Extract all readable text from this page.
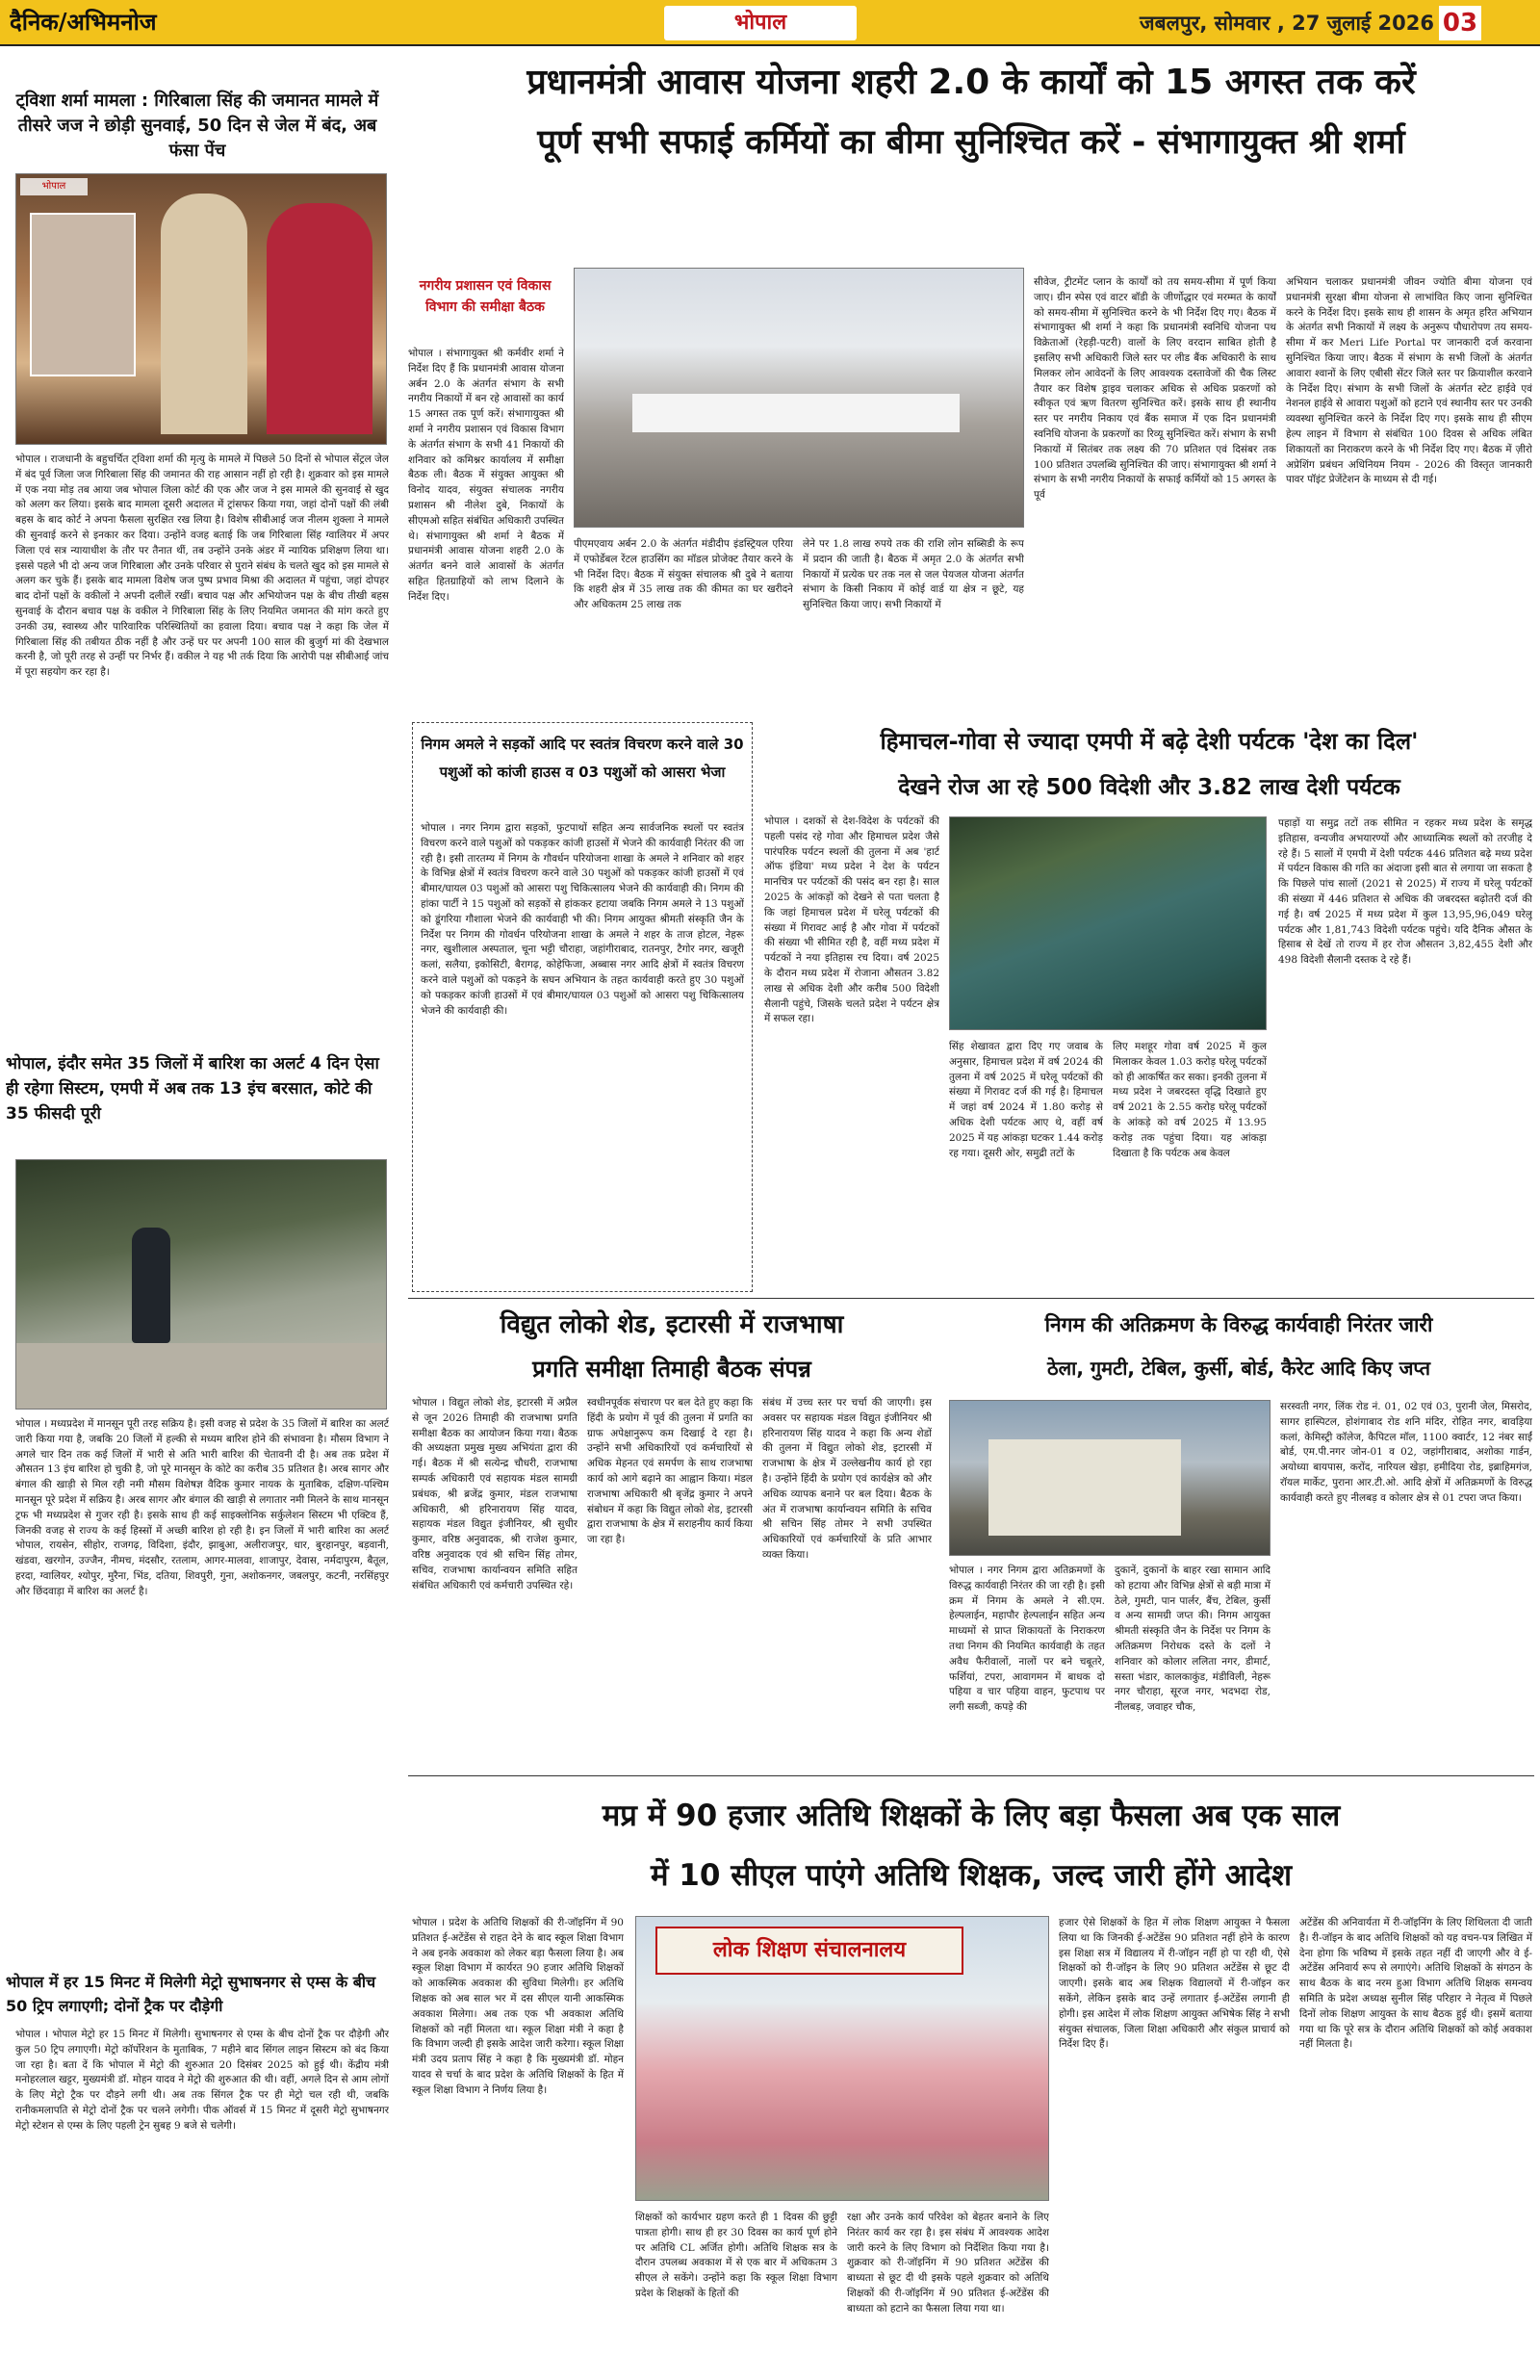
दैनिक/अभिमनोज	भोपाल	जबलपुर, सोमवार , 27 जुलाई 2026 03
ट्विशा शर्मा मामला : गिरिबाला सिंह की जमानत मामले में तीसरे जज ने छोड़ी सुनवाई, 50 दिन से जेल में बंद, अब फंसा पेंच
भोपाल
भोपाल । राजधानी के बहुचर्चित ट्विशा शर्मा की मृत्यु के मामले में पिछले 50 दिनों से भोपाल सेंट्रल जेल में बंद पूर्व जिला जज गिरिबाला सिंह की जमानत की राह आसान नहीं हो रही है। शुक्रवार को इस मामले में एक नया मोड़ तब आया जब भोपाल जिला कोर्ट की एक और जज ने इस मामले की सुनवाई से खुद को अलग कर लिया। इसके बाद मामला दूसरी अदालत में ट्रांसफर किया गया, जहां दोनों पक्षों की लंबी बहस के बाद कोर्ट ने अपना फैसला सुरक्षित रख लिया है। विशेष सीबीआई जज नीलम शुक्ला ने मामले की सुनवाई करने से इनकार कर दिया। उन्होंने वजह बताई कि जब गिरिबाला सिंह ग्वालियर में अपर जिला एवं सत्र न्यायाधीश के तौर पर तैनात थीं, तब उन्होंने उनके अंडर में न्यायिक प्रशिक्षण लिया था। इससे पहले भी दो अन्य जज गिरिबाला और उनके परिवार से पुराने संबंध के चलते खुद को इस मामले से अलग कर चुके हैं। इसके बाद मामला विशेष जज पुष्प प्रभाव मिश्रा की अदालत में पहुंचा, जहां दोपहर बाद दोनों पक्षों के वकीलों ने अपनी दलीलें रखीं। बचाव पक्ष और अभियोजन पक्ष के बीच तीखी बहस सुनवाई के दौरान बचाव पक्ष के वकील ने गिरिबाला सिंह के लिए नियमित जमानत की मांग करते हुए उनकी उम्र, स्वास्थ्य और पारिवारिक परिस्थितियों का हवाला दिया। बचाव पक्ष ने कहा कि जेल में गिरिबाला सिंह की तबीयत ठीक नहीं है और उन्हें घर पर अपनी 100 साल की बुजुर्ग मां की देखभाल करनी है, जो पूरी तरह से उन्हीं पर निर्भर हैं। वकील ने यह भी तर्क दिया कि आरोपी पक्ष सीबीआई जांच में पूरा सहयोग कर रहा है।
भोपाल, इंदौर समेत 35 जिलों में बारिश का अलर्ट 4 दिन ऐसा ही रहेगा सिस्टम, एमपी में अब तक 13 इंच बरसात, कोटे की 35 फीसदी पूरी
भोपाल । मध्यप्रदेश में मानसून पूरी तरह सक्रिय है। इसी वजह से प्रदेश के 35 जिलों में बारिश का अलर्ट जारी किया गया है, जबकि 20 जिलों में हल्की से मध्यम बारिश होने की संभावना है। मौसम विभाग ने अगले चार दिन तक कई जिलों में भारी से अति भारी बारिश की चेतावनी दी है। अब तक प्रदेश में औसतन 13 इंच बारिश हो चुकी है, जो पूरे मानसून के कोटे का करीब 35 प्रतिशत है। अरब सागर और बंगाल की खाड़ी से मिल रही नमी मौसम विशेषज्ञ वैदिक कुमार नायक के मुताबिक, दक्षिण-पश्चिम मानसून पूरे प्रदेश में सक्रिय है। अरब सागर और बंगाल की खाड़ी से लगातार नमी मिलने के साथ मानसून ट्रफ भी मध्यप्रदेश से गुजर रही है। इसके साथ ही कई साइक्लोनिक सर्कुलेशन सिस्टम भी एक्टिव हैं, जिनकी वजह से राज्य के कई हिस्सों में अच्छी बारिश हो रही है। इन जिलों में भारी बारिश का अलर्ट भोपाल, रायसेन, सीहोर, राजगढ़, विदिशा, इंदौर, झाबुआ, अलीराजपुर, धार, बुरहानपुर, बड़वानी, खंडवा, खरगोन, उज्जैन, नीमच, मंदसौर, रतलाम, आगर-मालवा, शाजापुर, देवास, नर्मदापुरम, बैतूल, हरदा, ग्वालियर, श्योपुर, मुरैना, भिंड, दतिया, शिवपुरी, गुना, अशोकनगर, जबलपुर, कटनी, नरसिंहपुर और छिंदवाड़ा में बारिश का अलर्ट है।
भोपाल में हर 15 मिनट में मिलेगी मेट्रो सुभाषनगर से एम्स के बीच 50 ट्रिप लगाएगी; दोनों ट्रैक पर दौड़ेगी
भोपाल । भोपाल मेट्रो हर 15 मिनट में मिलेगी। सुभाषनगर से एम्स के बीच दोनों ट्रैक पर दौड़ेगी और कुल 50 ट्रिप लगाएगी। मेट्रो कॉर्पोरेशन के मुताबिक, 7 महीने बाद सिंगल लाइन सिस्टम को बंद किया जा रहा है। बता दें कि भोपाल में मेट्रो की शुरुआत 20 दिसंबर 2025 को हुई थी। केंद्रीय मंत्री मनोहरलाल खट्टर, मुख्यमंत्री डॉ. मोहन यादव ने मेट्रो की शुरुआत की थी। वहीं, अगले दिन से आम लोगों के लिए मेट्रो ट्रैक पर दौड़ने लगी थी। अब तक सिंगल ट्रैक पर ही मेट्रो चल रही थी, जबकि रानीकमलापति से मेट्रो दोनों ट्रैक पर चलने लगेगी। पीक ऑवर्स में 15 मिनट में दूसरी मेट्रो सुभाषनगर मेट्रो स्टेशन से एम्स के लिए पहली ट्रेन सुबह 9 बजे से चलेगी।
प्रधानमंत्री आवास योजना शहरी 2.0 के कार्यों को 15 अगस्त तक करें
पूर्ण सभी सफाई कर्मियों का बीमा सुनिश्चित करें - संभागायुक्त श्री शर्मा
नगरीय प्रशासन एवं विकास विभाग की समीक्षा बैठक
भोपाल । संभागायुक्त श्री कर्मवीर शर्मा ने निर्देश दिए हैं कि प्रधानमंत्री आवास योजना अर्बन 2.0 के अंतर्गत संभाग के सभी नगरीय निकायों में बन रहे आवासों का कार्य 15 अगस्त तक पूर्ण करें। संभागायुक्त श्री शर्मा ने नगरीय प्रशासन एवं विकास विभाग के अंतर्गत संभाग के सभी 41 निकायों की शनिवार को कमिश्नर कार्यालय में समीक्षा बैठक ली। बैठक में संयुक्त आयुक्त श्री विनोद यादव, संयुक्त संचालक नगरीय प्रशासन श्री नीलेश दुबे, निकायों के सीएमओ सहित संबंधित अधिकारी उपस्थित थे। संभागायुक्त श्री शर्मा ने बैठक में प्रधानमंत्री आवास योजना शहरी 2.0 के अंतर्गत बनने वाले आवासों के अंतर्गत सहित हितग्राहियों को लाभ दिलाने के निर्देश दिए।
पीएमएवाय अर्बन 2.0 के अंतर्गत मंडीदीप इंडस्ट्रियल एरिया में एफोर्डेबल रेंटल हाउसिंग का मॉडल प्रोजेक्ट तैयार करने के भी निर्देश दिए। बैठक में संयुक्त संचालक श्री दुबे ने बताया कि शहरी क्षेत्र में 35 लाख तक की कीमत का घर खरीदने और अधिकतम 25 लाख तक
लेने पर 1.8 लाख रुपये तक की राशि लोन सब्सिडी के रूप में प्रदान की जाती है। बैठक में अमृत 2.0 के अंतर्गत सभी निकायों में प्रत्येक घर तक नल से जल पेयजल योजना अंतर्गत संभाग के किसी निकाय में कोई वार्ड या क्षेत्र न छूटे, यह सुनिश्चित किया जाए। सभी निकायों में
सीवेज, ट्रीटमेंट प्लान के कार्यों को तय समय-सीमा में पूर्ण किया जाए। ग्रीन स्पेस एवं वाटर बॉडी के जीर्णोद्धार एवं मरम्मत के कार्यों को समय-सीमा में सुनिश्चित करने के भी निर्देश दिए गए। बैठक में संभागायुक्त श्री शर्मा ने कहा कि प्रधानमंत्री स्वनिधि योजना पथ विक्रेताओं (रेहड़ी-पटरी) वालों के लिए वरदान साबित होती है इसलिए सभी अधिकारी जिले स्तर पर लीड बैंक अधिकारी के साथ मिलकर लोन आवेदनों के लिए आवश्यक दस्तावेजों की चैक लिस्ट तैयार कर विशेष ड्राइव चलाकर अधिक से अधिक प्रकरणों को स्वीकृत एवं ऋण वितरण सुनिश्चित करें। इसके साथ ही स्थानीय स्तर पर नगरीय निकाय एवं बैंक समाज में एक दिन प्रधानमंत्री स्वनिधि योजना के प्रकरणों का रिव्यू सुनिश्चित करें। संभाग के सभी निकायों में सितंबर तक लक्ष्य की 70 प्रतिशत एवं दिसंबर तक 100 प्रतिशत उपलब्धि सुनिश्चित की जाए। संभागायुक्त श्री शर्मा ने संभाग के सभी नगरीय निकायों के सफाई कर्मियों को 15 अगस्त के पूर्व
अभियान चलाकर प्रधानमंत्री जीवन ज्योति बीमा योजना एवं प्रधानमंत्री सुरक्षा बीमा योजना से लाभांवित किए जाना सुनिश्चित करने के निर्देश दिए। इसके साथ ही शासन के अमृत हरित अभियान के अंतर्गत सभी निकायों में लक्ष्य के अनुरूप पौधारोपण तय समय-सीमा में कर Meri Life Portal पर जानकारी दर्ज करवाना सुनिश्चित किया जाए। बैठक में संभाग के सभी जिलों के अंतर्गत आवारा श्वानों के लिए एबीसी सेंटर जिले स्तर पर क्रियाशील करवाने के निर्देश दिए। संभाग के सभी जिलों के अंतर्गत स्टेट हाईवे एवं नेशनल हाईवे से आवारा पशुओं को हटाने एवं स्थानीय स्तर पर उनकी व्यवस्था सुनिश्चित करने के निर्देश दिए गए। इसके साथ ही सीएम हेल्प लाइन में विभाग से संबंधित 100 दिवस से अधिक लंबित शिकायतों का निराकरण करने के भी निर्देश दिए गए। बैठक में ज़ीरो अप्रेशिंग प्रबंधन अधिनियम नियम - 2026 की विस्तृत जानकारी पावर पॉइंट प्रेजेंटेशन के माध्यम से दी गई।
निगम अमले ने सड़कों आदि पर स्वतंत्र विचरण करने वाले 30 पशुओं को कांजी हाउस व 03 पशुओं को आसरा भेजा
भोपाल । नगर निगम द्वारा सड़कों, फुटपाथों सहित अन्य सार्वजनिक स्थलों पर स्वतंत्र विचरण करने वाले पशुओं को पकड़कर कांजी हाउसों में भेजने की कार्यवाही निरंतर की जा रही है। इसी तारतम्य में निगम के गौवर्धन परियोजना शाखा के अमले ने शनिवार को शहर के विभिन्न क्षेत्रों में स्वतंत्र विचरण करने वाले 30 पशुओं को पकड़कर कांजी हाउसों में एवं बीमार/घायल 03 पशुओं को आसरा पशु चिकित्सालय भेजने की कार्यवाही की। निगम की हांका पार्टी ने 15 पशुओं को सड़कों से हांककर हटाया जबकि निगम अमले ने 13 पशुओं को डूंगरिया गौशाला भेजने की कार्यवाही भी की। निगम आयुक्त श्रीमती संस्कृति जैन के निर्देश पर निगम की गोवर्धन परियोजना शाखा के अमले ने शहर के ताज होटल, नेहरू नगर, खुशीलाल अस्पताल, चूना भट्टी चौराहा, जहांगीराबाद, रातनपुर, टैगोर नगर, खजूरी कलां, सलैया, इकोसिटी, बैरागढ़, कोहेफिजा, अब्बास नगर आदि क्षेत्रों में स्वतंत्र विचरण करने वाले पशुओं को पकड़ने के सघन अभियान के तहत कार्यवाही करते हुए 30 पशुओं को पकड़कर कांजी हाउसों में एवं बीमार/घायल 03 पशुओं को आसरा पशु चिकित्सालय भेजने की कार्यवाही की।
हिमाचल-गोवा से ज्यादा एमपी में बढ़े देशी पर्यटक 'देश का दिल'
देखने रोज आ रहे 500 विदेशी और 3.82 लाख देशी पर्यटक
भोपाल । दशकों से देश-विदेश के पर्यटकों की पहली पसंद रहे गोवा और हिमाचल प्रदेश जैसे पारंपरिक पर्यटन स्थलों की तुलना में अब 'हार्ट ऑफ इंडिया' मध्य प्रदेश ने देश के पर्यटन मानचित्र पर पर्यटकों की पसंद बन रहा है। साल 2025 के आंकड़ों को देखने से पता चलता है कि जहां हिमाचल प्रदेश में घरेलू पर्यटकों की संख्या में गिरावट आई है और गोवा में पर्यटकों की संख्या भी सीमित रही है, वहीं मध्य प्रदेश में पर्यटकों ने नया इतिहास रच दिया। वर्ष 2025 के दौरान मध्य प्रदेश में रोजाना औसतन 3.82 लाख से अधिक देशी और करीब 500 विदेशी सैलानी पहुंचे, जिसके चलते प्रदेश ने पर्यटन क्षेत्र में सफल रहा।
सिंह शेखावत द्वारा दिए गए जवाब के अनुसार, हिमाचल प्रदेश में वर्ष 2024 की तुलना में वर्ष 2025 में घरेलू पर्यटकों की संख्या में गिरावट दर्ज की गई है। हिमाचल में जहां वर्ष 2024 में 1.80 करोड़ से अधिक देशी पर्यटक आए थे, वहीं वर्ष 2025 में यह आंकड़ा घटकर 1.44 करोड़ रह गया। दूसरी ओर, समुद्री तटों के
लिए मशहूर गोवा वर्ष 2025 में कुल मिलाकर केवल 1.03 करोड़ घरेलू पर्यटकों को ही आकर्षित कर सका। इनकी तुलना में मध्य प्रदेश ने जबरदस्त वृद्धि दिखाते हुए वर्ष 2021 के 2.55 करोड़ घरेलू पर्यटकों के आंकड़े को वर्ष 2025 में 13.95 करोड़ तक पहुंचा दिया। यह आंकड़ा दिखाता है कि पर्यटक अब केवल
पहाड़ों या समुद्र तटों तक सीमित न रहकर मध्य प्रदेश के समृद्ध इतिहास, वन्यजीव अभयारण्यों और आध्यात्मिक स्थलों को तरजीह दे रहे हैं। 5 सालों में एमपी में देशी पर्यटक 446 प्रतिशत बढ़े मध्य प्रदेश में पर्यटन विकास की गति का अंदाजा इसी बात से लगाया जा सकता है कि पिछले पांच सालों (2021 से 2025) में राज्य में घरेलू पर्यटकों की संख्या में 446 प्रतिशत से अधिक की जबरदस्त बढ़ोतरी दर्ज की गई है। वर्ष 2025 में मध्य प्रदेश में कुल 13,95,96,049 घरेलू पर्यटक और 1,81,743 विदेशी पर्यटक पहुंचे। यदि दैनिक औसत के हिसाब से देखें तो राज्य में हर रोज औसतन 3,82,455 देशी और 498 विदेशी सैलानी दस्तक दे रहे हैं।
विद्युत लोको शेड, इटारसी में राजभाषा
प्रगति समीक्षा तिमाही बैठक संपन्न
भोपाल । विद्युत लोको शेड, इटारसी में अप्रैल से जून 2026 तिमाही की राजभाषा प्रगति समीक्षा बैठक का आयोजन किया गया। बैठक की अध्यक्षता प्रमुख मुख्य अभियंता द्वारा की गई। बैठक में श्री सत्येन्द्र चौधरी, राजभाषा सम्पर्क अधिकारी एवं सहायक मंडल सामग्री प्रबंधक, श्री ब्रजेंद्र कुमार, मंडल राजभाषा अधिकारी, श्री हरिनारायण सिंह यादव, सहायक मंडल विद्युत इंजीनियर, श्री सुधीर कुमार, वरिष्ठ अनुवादक, श्री राजेश कुमार, वरिष्ठ अनुवादक एवं श्री सचिन सिंह तोमर, सचिव, राजभाषा कार्यान्वयन समिति सहित संबंधित अधिकारी एवं कर्मचारी उपस्थित रहे।
स्वधीनपूर्वक संचारण पर बल देते हुए कहा कि हिंदी के प्रयोग में पूर्व की तुलना में प्रगति का ग्राफ अपेक्षानुरूप कम दिखाई दे रहा है। उन्होंने सभी अधिकारियों एवं कर्मचारियों से अधिक मेहनत एवं समर्पण के साथ राजभाषा कार्य को आगे बढ़ाने का आह्वान किया। मंडल राजभाषा अधिकारी श्री बृजेंद्र कुमार ने अपने संबोधन में कहा कि विद्युत लोको शेड, इटारसी द्वारा राजभाषा के क्षेत्र में सराहनीय कार्य किया जा रहा है।
संबंध में उच्च स्तर पर चर्चा की जाएगी। इस अवसर पर सहायक मंडल विद्युत इंजीनियर श्री हरिनारायण सिंह यादव ने कहा कि अन्य शेडों की तुलना में विद्युत लोको शेड, इटारसी में राजभाषा के क्षेत्र में उल्लेखनीय कार्य हो रहा है। उन्होंने हिंदी के प्रयोग एवं कार्यक्षेत्र को और अधिक व्यापक बनाने पर बल दिया। बैठक के अंत में राजभाषा कार्यान्वयन समिति के सचिव श्री सचिन सिंह तोमर ने सभी उपस्थित अधिकारियों एवं कर्मचारियों के प्रति आभार व्यक्त किया।
निगम की अतिक्रमण के विरुद्ध कार्यवाही निरंतर जारी
ठेला, गुमटी, टेबिल, कुर्सी, बोर्ड, कैरेट आदि किए जप्त
भोपाल । नगर निगम द्वारा अतिक्रमणों के विरुद्ध कार्यवाही निरंतर की जा रही है। इसी क्रम में निगम के अमले ने सी.एम. हेल्पलाईन, महापौर हेल्पलाईन सहित अन्य माध्यमों से प्राप्त शिकायतों के निराकरण तथा निगम की नियमित कार्यवाही के तहत अवैध फैरीवालों, नालों पर बने चबूतरे, फर्शियां, टपरा, आवागमन में बाधक दो पहिया व चार पहिया वाहन, फुटपाथ पर लगी सब्जी, कपड़े की
दुकानें, दुकानों के बाहर रखा सामान आदि को हटाया और विभिन्न क्षेत्रों से बड़ी मात्रा में ठेले, गुमटी, पान पार्लर, बैंच, टेबिल, कुर्सी व अन्य सामग्री जप्त की। निगम आयुक्त श्रीमती संस्कृति जैन के निर्देश पर निगम के अतिक्रमण निरोधक दस्ते के दलों ने शनिवार को कोलार ललिता नगर, डीमार्ट, सस्ता भंडार, कालकाकुंड, मंडीविली, नेहरू नगर चौराहा, सूरज नगर, भदभदा रोड, नीलबड़, जवाहर चौक,
सरस्वती नगर, लिंक रोड नं. 01, 02 एवं 03, पुरानी जेल, मिसरोद, सागर हास्पिटल, होशंगाबाद रोड शनि मंदिर, रोहित नगर, बावड़िया कलां, केमिस्ट्री कॉलेज, कैपिटल मॉल, 1100 क्वार्टर, 12 नंबर साईं बोर्ड, एम.पी.नगर जोन-01 व 02, जहांगीराबाद, अशोका गार्डन, अयोध्या बायपास, करोंद, नारियल खेड़ा, हमीदिया रोड, इब्राहिमगंज, रॉयल मार्केट, पुराना आर.टी.ओ. आदि क्षेत्रों में अतिक्रमणों के विरुद्ध कार्यवाही करते हुए नीलबड़ व कोलार क्षेत्र से 01 टपरा जप्त किया।
मप्र में 90 हजार अतिथि शिक्षकों के लिए बड़ा फैसला अब एक साल
में 10 सीएल पाएंगे अतिथि शिक्षक, जल्द जारी होंगे आदेश
भोपाल । प्रदेश के अतिथि शिक्षकों की री-जॉइनिंग में 90 प्रतिशत ई-अटेंडेंस से राहत देने के बाद स्कूल शिक्षा विभाग ने अब इनके अवकाश को लेकर बड़ा फैसला लिया है। अब स्कूल शिक्षा विभाग में कार्यरत 90 हजार अतिथि शिक्षकों को आकस्मिक अवकाश की सुविधा मिलेगी। हर अतिथि शिक्षक को अब साल भर में दस सीएल यानी आकस्मिक अवकाश मिलेगा। अब तक एक भी अवकाश अतिथि शिक्षकों को नहीं मिलता था। स्कूल शिक्षा मंत्री ने कहा है कि विभाग जल्दी ही इसके आदेश जारी करेगा। स्कूल शिक्षा मंत्री उदय प्रताप सिंह ने कहा है कि मुख्यमंत्री डॉ. मोहन यादव से चर्चा के बाद प्रदेश के अतिथि शिक्षकों के हित में स्कूल शिक्षा विभाग ने निर्णय लिया है।
लोक शिक्षण संचालनालय
शिक्षकों को कार्यभार ग्रहण करते ही 1 दिवस की छुट्टी पात्रता होगी। साथ ही हर 30 दिवस का कार्य पूर्ण होने पर अतिथि CL अर्जित होगी। अतिथि शिक्षक सत्र के दौरान उपलब्ध अवकाश में से एक बार में अधिकतम 3 सीएल ले सकेंगे। उन्होंने कहा कि स्कूल शिक्षा विभाग प्रदेश के शिक्षकों के हितों की
रक्षा और उनके कार्य परिवेश को बेहतर बनाने के लिए निरंतर कार्य कर रहा है। इस संबंध में आवश्यक आदेश जारी करने के लिए विभाग को निर्देशित किया गया है। शुक्रवार को री-जॉइनिंग में 90 प्रतिशत अटेंडेंस की बाध्यता से छूट दी थी इसके पहले शुक्रवार को अतिथि शिक्षकों की री-जॉइनिंग में 90 प्रतिशत ई-अटेंडेंस की बाध्यता को हटाने का फैसला लिया गया था।
हजार ऐसे शिक्षकों के हित में लोक शिक्षण आयुक्त ने फैसला लिया था कि जिनकी ई-अटेंडेंस 90 प्रतिशत नहीं होने के कारण इस शिक्षा सत्र में विद्यालय में री-जॉइन नहीं हो पा रही थी, ऐसे शिक्षकों को री-जॉइन के लिए 90 प्रतिशत अटेंडेंस से छूट दी जाएगी। इसके बाद अब शिक्षक विद्यालयों में री-जॉइन कर सकेंगे, लेकिन इसके बाद उन्हें लगातार ई-अटेंडेंस लगानी ही होगी। इस आदेश में लोक शिक्षण आयुक्त अभिषेक सिंह ने सभी संयुक्त संचालक, जिला शिक्षा अधिकारी और संकुल प्राचार्य को निर्देश दिए हैं।
अटेंडेंस की अनिवार्यता में री-जॉइनिंग के लिए शिथिलता दी जाती है। री-जॉइन के बाद अतिथि शिक्षकों को यह वचन-पत्र लिखित में देना होगा कि भविष्य में इसके तहत नहीं दी जाएगी और वे ई-अटेंडेंस अनिवार्य रूप से लगाएंगे। अतिथि शिक्षकों के संगठन के साथ बैठक के बाद नरम हुआ विभाग अतिथि शिक्षक समन्वय समिति के प्रदेश अध्यक्ष सुनील सिंह परिहार ने नेतृत्व में पिछले दिनों लोक शिक्षण आयुक्त के साथ बैठक हुई थी। इसमें बताया गया था कि पूरे सत्र के दौरान अतिथि शिक्षकों को कोई अवकाश नहीं मिलता है।
